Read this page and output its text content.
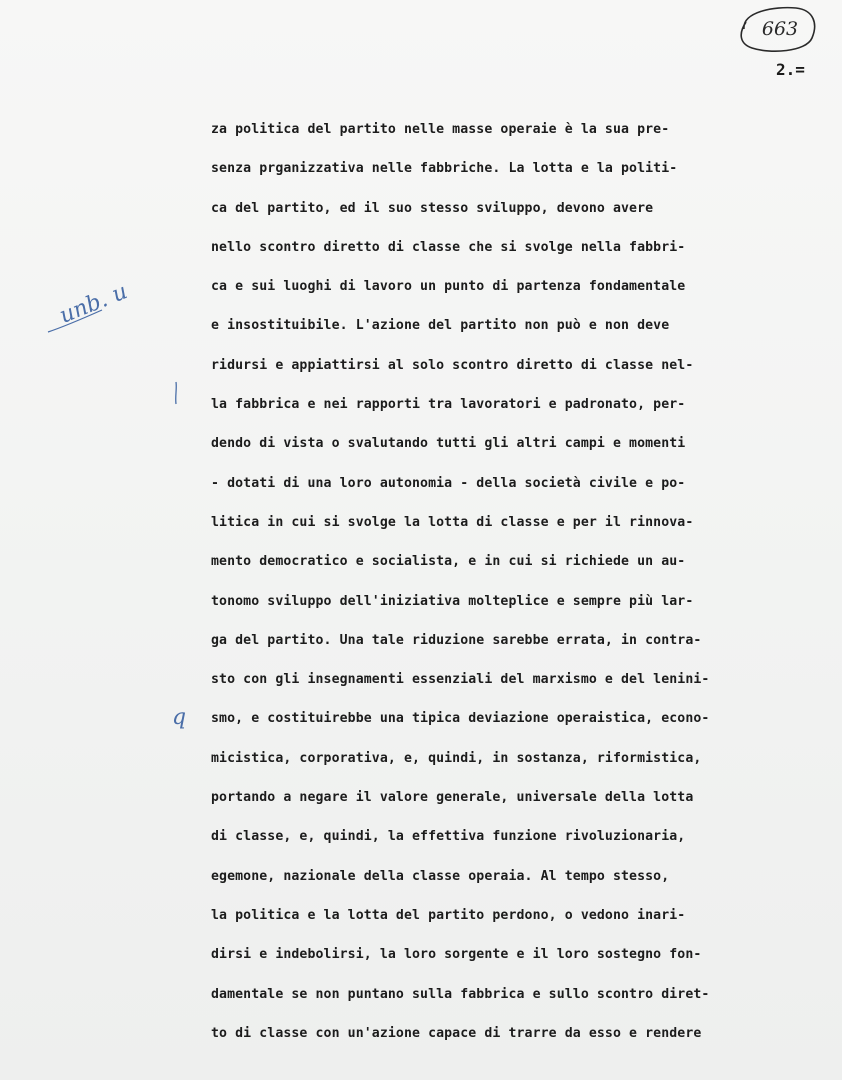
663
2.=
unb. u
q
za politica del partito nelle masse operaie è la sua pre-
senza prganizzativa nelle fabbriche. La lotta e la politi-
ca del partito, ed il suo stesso sviluppo, devono avere
nello scontro diretto di classe che si svolge nella fabbri-
ca e sui luoghi di lavoro un punto di partenza fondamentale
e insostituibile. L'azione del partito non può e non deve
ridursi e appiattirsi al solo scontro diretto di classe nel-
la fabbrica e nei rapporti tra lavoratori e padronato, per-
dendo di vista o svalutando tutti gli altri campi e momenti
- dotati di una loro autonomia - della società civile e po-
litica in cui si svolge la lotta di classe e per il rinnova-
mento democratico e socialista, e in cui si richiede un au-
tonomo sviluppo dell'iniziativa molteplice e sempre più lar-
ga del partito. Una tale riduzione sarebbe errata, in contra-
sto con gli insegnamenti essenziali del marxismo e del lenini-
smo, e costituirebbe una tipica deviazione operaistica, econo-
micistica, corporativa, e, quindi, in sostanza, riformistica,
portando a negare il valore generale, universale della lotta
di classe, e, quindi, la effettiva funzione rivoluzionaria,
egemone, nazionale della classe operaia. Al tempo stesso,
la politica e la lotta del partito perdono, o vedono inari-
dirsi e indebolirsi, la loro sorgente e il loro sostegno fon-
damentale se non puntano sulla fabbrica e sullo scontro diret-
to di classe con un'azione capace di trarre da esso e rendere
